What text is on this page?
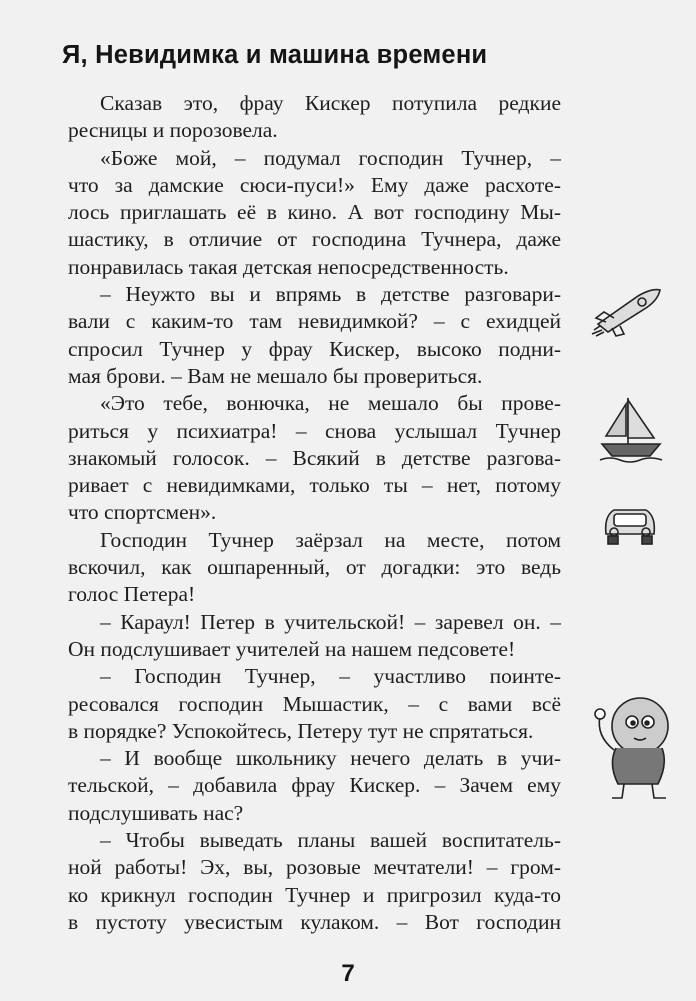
Я, Невидимка и машина времени
Сказав это, фрау Кискер потупила редкие
ресницы и порозовела.
«Боже мой, – подумал господин Тучнер, –
что за дамские сюси-пуси!» Ему даже расхоте-
лось приглашать её в кино. А вот господину Мы-
шастику, в отличие от господина Тучнера, даже
понравилась такая детская непосредственность.
– Неужто вы и впрямь в детстве разговари-
вали с каким-то там невидимкой? – с ехидцей
спросил Тучнер у фрау Кискер, высоко подни-
мая брови. – Вам не мешало бы провериться.
«Это тебе, вонючка, не мешало бы прове-
риться у психиатра! – снова услышал Тучнер
знакомый голосок. – Всякий в детстве разгова-
ривает с невидимками, только ты – нет, потому
что спортсмен».
Господин Тучнер заёрзал на месте, потом
вскочил, как ошпаренный, от догадки: это ведь
голос Петера!
– Караул! Петер в учительской! – заревел он. –
Он подслушивает учителей на нашем педсовете!
– Господин Тучнер, – участливо поинте-
ресовался господин Мышастик, – с вами всё
в порядке? Успокойтесь, Петеру тут не спрятаться.
– И вообще школьнику нечего делать в учи-
тельской, – добавила фрау Кискер. – Зачем ему
подслушивать нас?
– Чтобы выведать планы вашей воспитатель-
ной работы! Эх, вы, розовые мечтатели! – гром-
ко крикнул господин Тучнер и пригрозил куда-то
в пустоту увесистым кулаком. – Вот господин
7
